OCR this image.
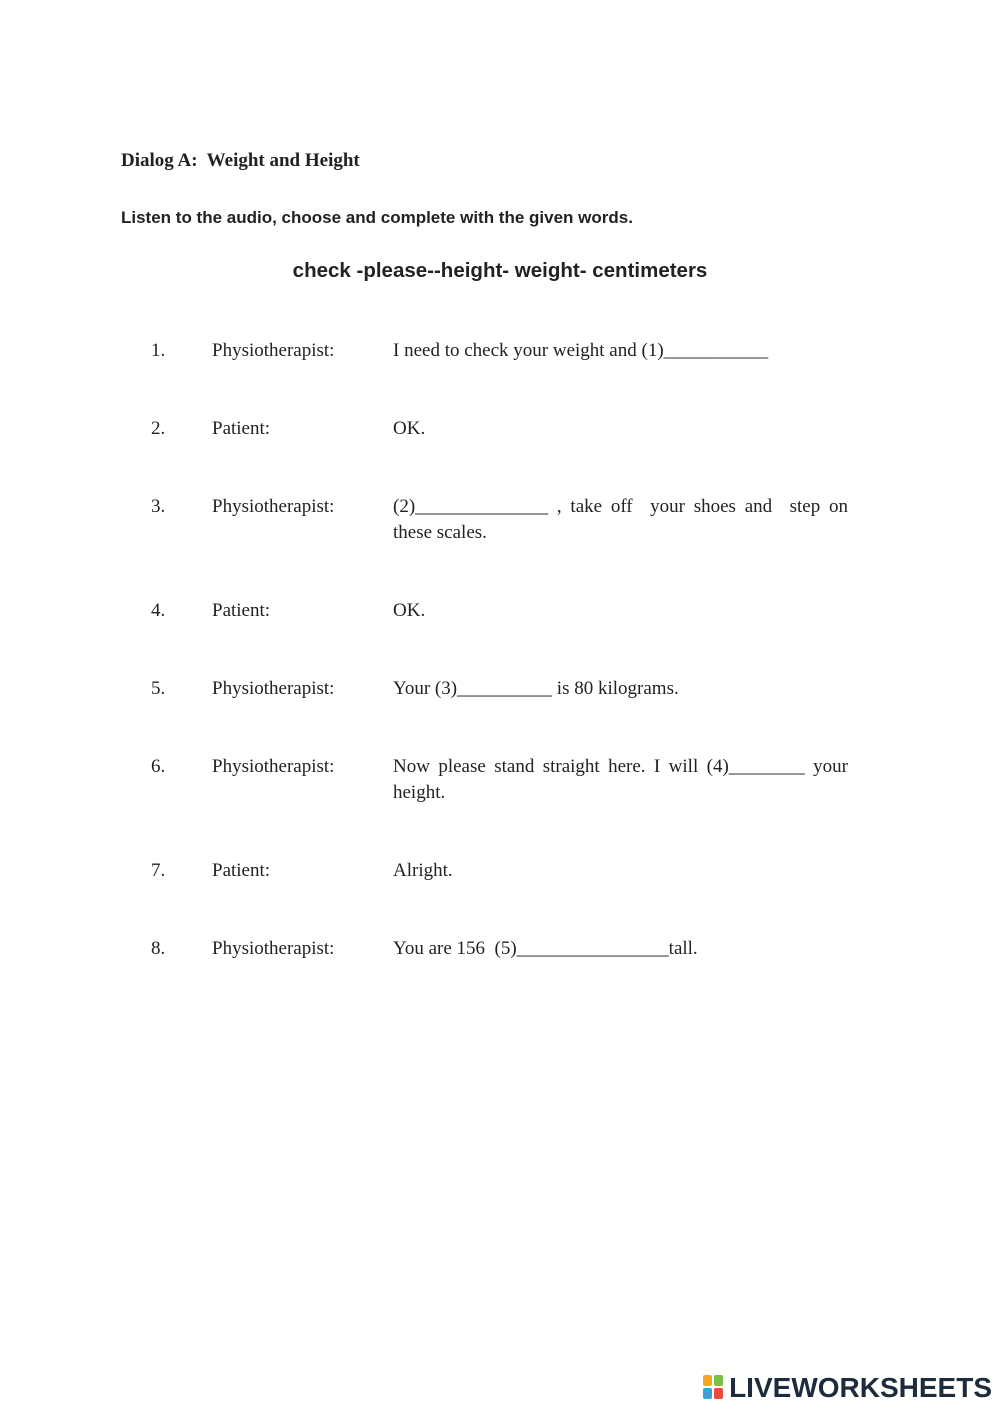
Dialog A:  Weight and Height
Listen to the audio, choose and complete with the given words.
check -please--height- weight- centimeters
1. Physiotherapist:	I need to check your weight and (1)___________
2. Patient:	OK.
3. Physiotherapist:	(2)______________ , take off  your shoes and  step on these scales.
4. Patient:	OK.
5. Physiotherapist:	Your (3)__________ is 80 kilograms.
6. Physiotherapist:	Now please stand straight here. I will (4)________ your height.
7. Patient:	Alright.
8. Physiotherapist:	You are 156  (5)________________tall.
LIVEWORKSHEETS
